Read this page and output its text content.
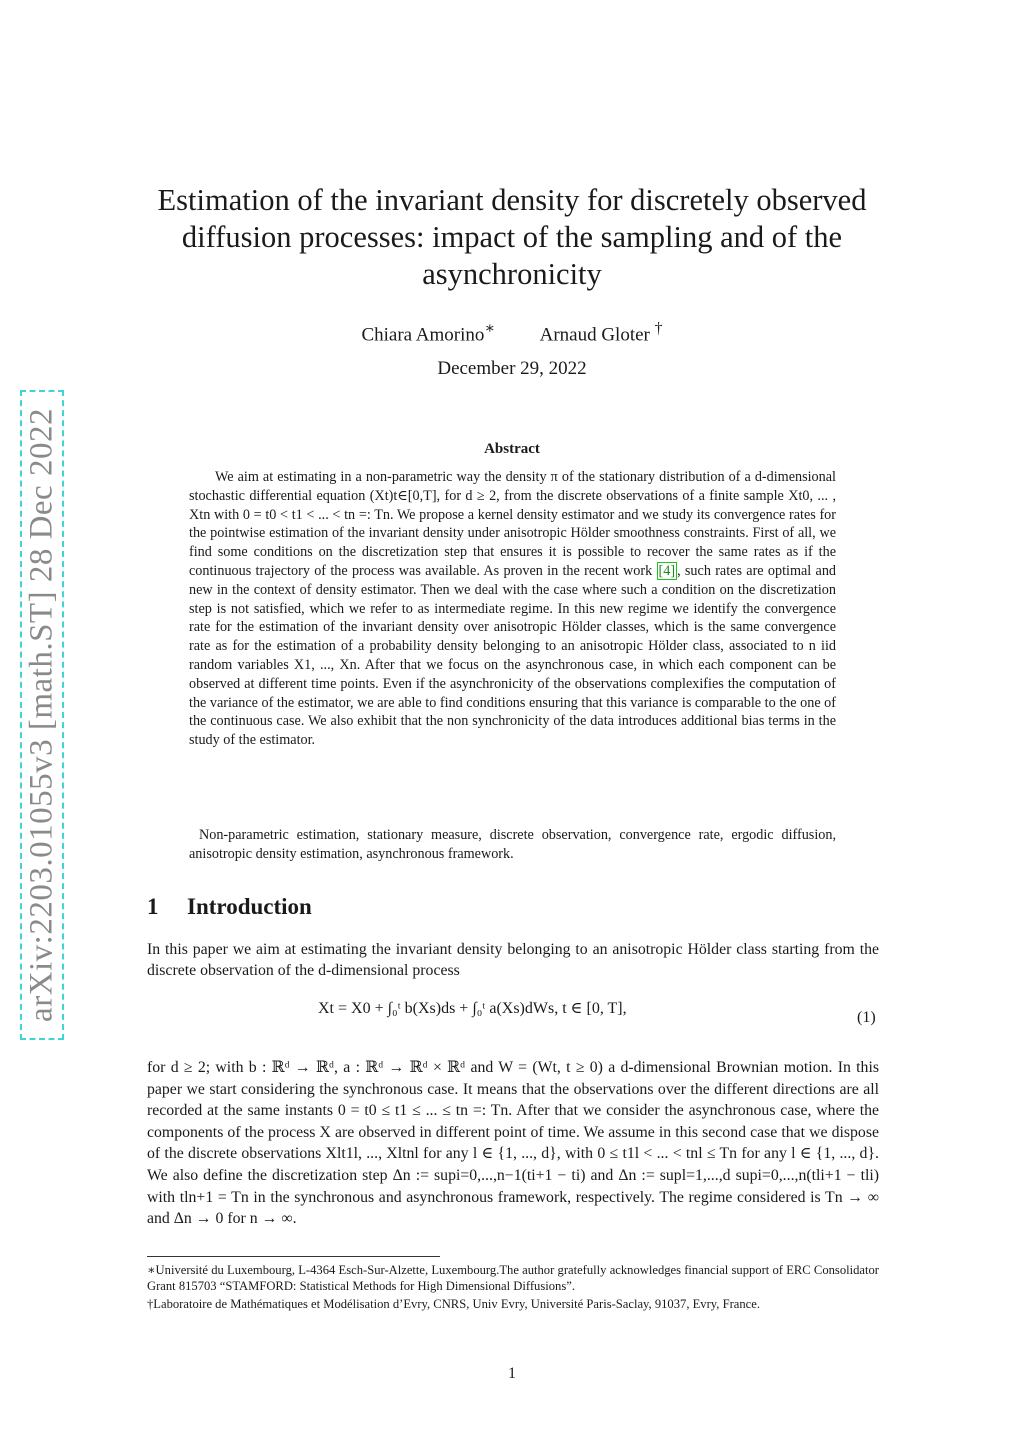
arXiv:2203.01055v3 [math.ST] 28 Dec 2022
Estimation of the invariant density for discretely observed diffusion processes: impact of the sampling and of the asynchronicity
Chiara Amorino∗ Arnaud Gloter †
December 29, 2022
Abstract
We aim at estimating in a non-parametric way the density π of the stationary distribution of a d-dimensional stochastic differential equation (Xt)t∈[0,T], for d ≥ 2, from the discrete observations of a finite sample Xt0, ... , Xtn with 0 = t0 < t1 < ... < tn =: Tn. We propose a kernel density estimator and we study its convergence rates for the pointwise estimation of the invariant density under anisotropic Hölder smoothness constraints. First of all, we find some conditions on the discretization step that ensures it is possible to recover the same rates as if the continuous trajectory of the process was available. As proven in the recent work [4] , such rates are optimal and new in the context of density estimator. Then we deal with the case where such a condition on the discretization step is not satisfied, which we refer to as intermediate regime. In this new regime we identify the convergence rate for the estimation of the invariant density over anisotropic Hölder classes, which is the same convergence rate as for the estimation of a probability density belonging to an anisotropic Hölder class, associated to n iid random variables X1, ..., Xn. After that we focus on the asynchronous case, in which each component can be observed at different time points. Even if the asynchronicity of the observations complexifies the computation of the variance of the estimator, we are able to find conditions ensuring that this variance is comparable to the one of the continuous case. We also exhibit that the non synchronicity of the data introduces additional bias terms in the study of the estimator.
Non-parametric estimation, stationary measure, discrete observation, convergence rate, ergodic diffusion, anisotropic density estimation, asynchronous framework.
1 Introduction
In this paper we aim at estimating the invariant density belonging to an anisotropic Hölder class starting from the discrete observation of the d-dimensional process
Xt = X0 + ∫₀ᵗ b(Xs)ds + ∫₀ᵗ a(Xs)dWs, t ∈ [0, T],
(1)
for d ≥ 2; with b : ℝᵈ → ℝᵈ, a : ℝᵈ → ℝᵈ × ℝᵈ and W = (Wt, t ≥ 0) a d-dimensional Brownian motion. In this paper we start considering the synchronous case. It means that the observations over the different directions are all recorded at the same instants 0 = t0 ≤ t1 ≤ ... ≤ tn =: Tn. After that we consider the asynchronous case, where the components of the process X are observed in different point of time. We assume in this second case that we dispose of the discrete observations Xlt1l, ..., Xltnl for any l ∈ {1, ..., d}, with 0 ≤ t1l < ... < tnl ≤ Tn for any l ∈ {1, ..., d}. We also define the discretization step Δn := supi=0,...,n−1(ti+1 − ti) and Δn := supl=1,...,d supi=0,...,n(tli+1 − tli) with tln+1 = Tn in the synchronous and asynchronous framework, respectively. The regime considered is Tn → ∞ and Δn → 0 for n → ∞.
∗Université du Luxembourg, L-4364 Esch-Sur-Alzette, Luxembourg.The author gratefully acknowledges financial support of ERC Consolidator Grant 815703 “STAMFORD: Statistical Methods for High Dimensional Diffusions”.
†Laboratoire de Mathématiques et Modélisation d’Evry, CNRS, Univ Evry, Université Paris-Saclay, 91037, Evry, France.
1
